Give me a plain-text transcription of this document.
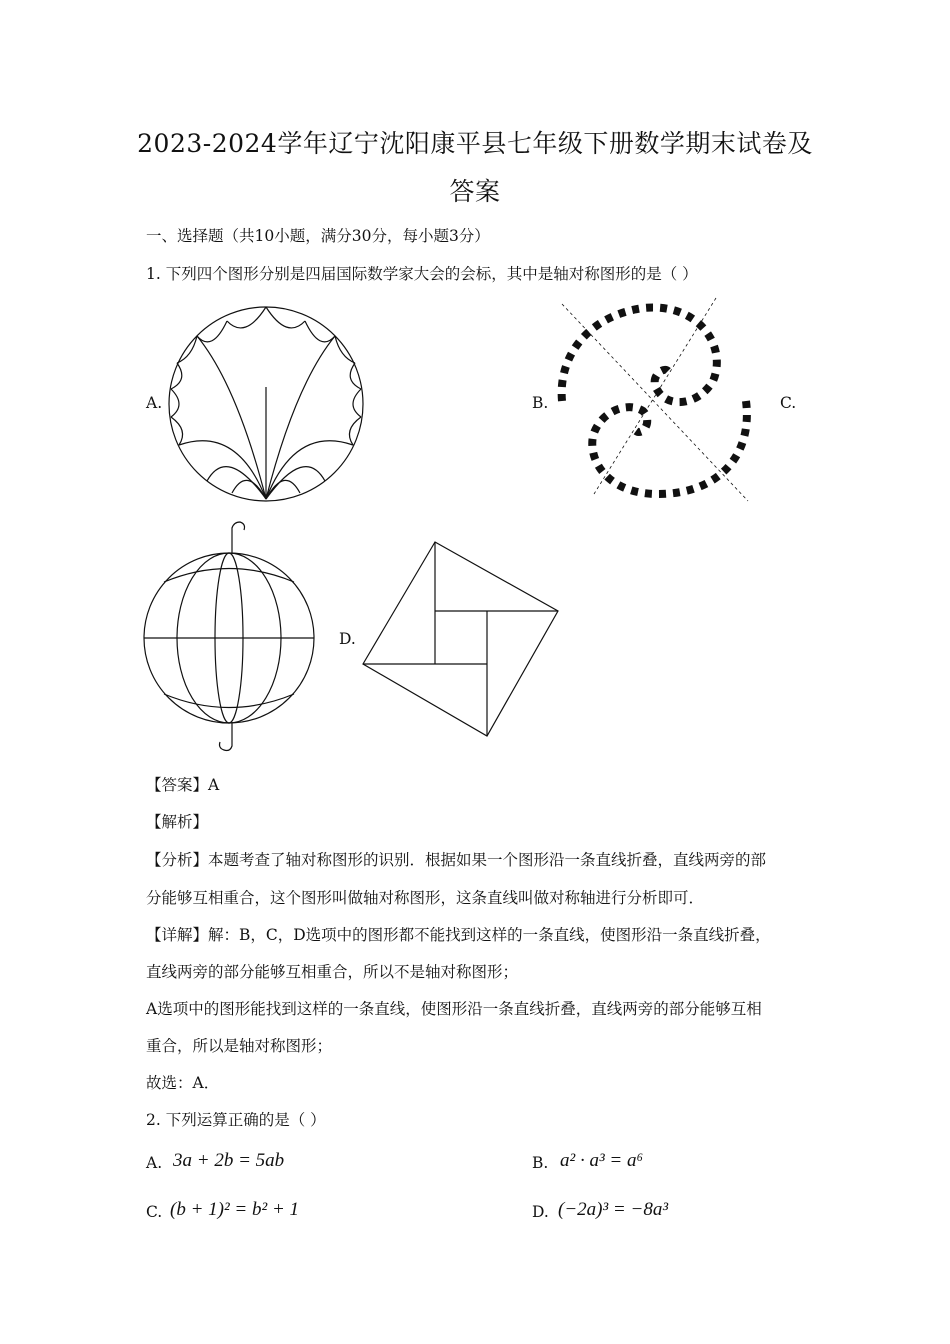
2023-2024学年辽宁沈阳康平县七年级下册数学期末试卷及
答案
一、选择题（共10小题，满分30分，每小题3分）
1. 下列四个图形分别是四届国际数学家大会的会标，其中是轴对称图形的是（ ）
A.	B.	C.
D.
【答案】A
【解析】
【分析】本题考查了轴对称图形的识别．根据如果一个图形沿一条直线折叠，直线两旁的部
分能够互相重合，这个图形叫做轴对称图形，这条直线叫做对称轴进行分析即可．
【详解】解：B，C，D选项中的图形都不能找到这样的一条直线，使图形沿一条直线折叠，
直线两旁的部分能够互相重合，所以不是轴对称图形；
A选项中的图形能找到这样的一条直线，使图形沿一条直线折叠，直线两旁的部分能够互相
重合，所以是轴对称图形；
故选：A．
2. 下列运算正确的是（ ）
A. 3a + 2b = 5ab	B. a² · a³ = a⁶
C. (b + 1)² = b² + 1	D. (−2a)³ = −8a³
